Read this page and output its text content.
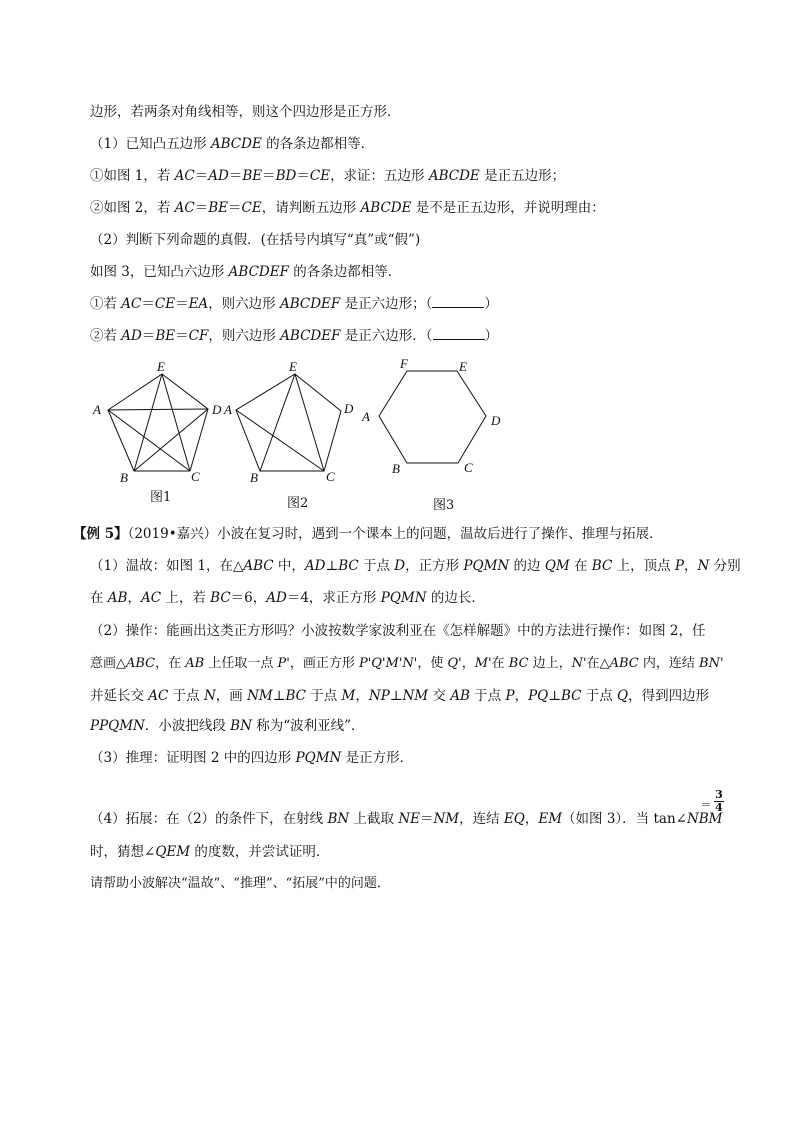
边形，若两条对角线相等，则这个四边形是正方形．
（1）已知凸五边形 ABCDE 的各条边都相等．
①如图 1，若 AC＝AD＝BE＝BD＝CE，求证：五边形 ABCDE 是正五边形；
②如图 2，若 AC＝BE＝CE，请判断五边形 ABCDE 是不是正五边形，并说明理由：
（2）判断下列命题的真假．(在括号内填写“真”或“假”)
如图 3，已知凸六边形 ABCDEF 的各条边都相等．
①若 AC＝CE＝EA，则六边形 ABCDEF 是正六边形；（	）
②若 AD＝BE＝CF，则六边形 ABCDEF 是正六边形．（	）
E
D
A
B	C
E
D
A
B	C
F	E
D
A
B	C
图1	图2	图3
【例 5】（2019•嘉兴）小波在复习时，遇到一个课本上的问题，温故后进行了操作、推理与拓展．
（1）温故：如图 1，在△ABC 中，AD⊥BC 于点 D，正方形 PQMN 的边 QM 在 BC 上，顶点 P，N 分别
在 AB，AC 上，若 BC＝6，AD＝4，求正方形 PQMN 的边长．
（2）操作：能画出这类正方形吗？小波按数学家波利亚在《怎样解题》中的方法进行操作：如图 2，任
意画△ABC，在 AB 上任取一点 P'，画正方形 P'Q'M'N'，使 Q'，M'在 BC 边上，N'在△ABC 内，连结 BN'
并延长交 AC 于点 N，画 NM⊥BC 于点 M，NP⊥NM 交 AB 于点 P，PQ⊥BC 于点 Q，得到四边形
PPQMN．小波把线段 BN 称为“波利亚线”．
（3）推理：证明图 2 中的四边形 PQMN 是正方形．
（4）拓展：在（2）的条件下，在射线 BN 上截取 NE＝NM，连结 EQ，EM（如图 3）．当 tan∠NBM
＝ $\frac{3}{4}$
时，猜想∠QEM 的度数，并尝试证明．
请帮助小波解决“温故”、“推理”、“拓展”中的问题．
